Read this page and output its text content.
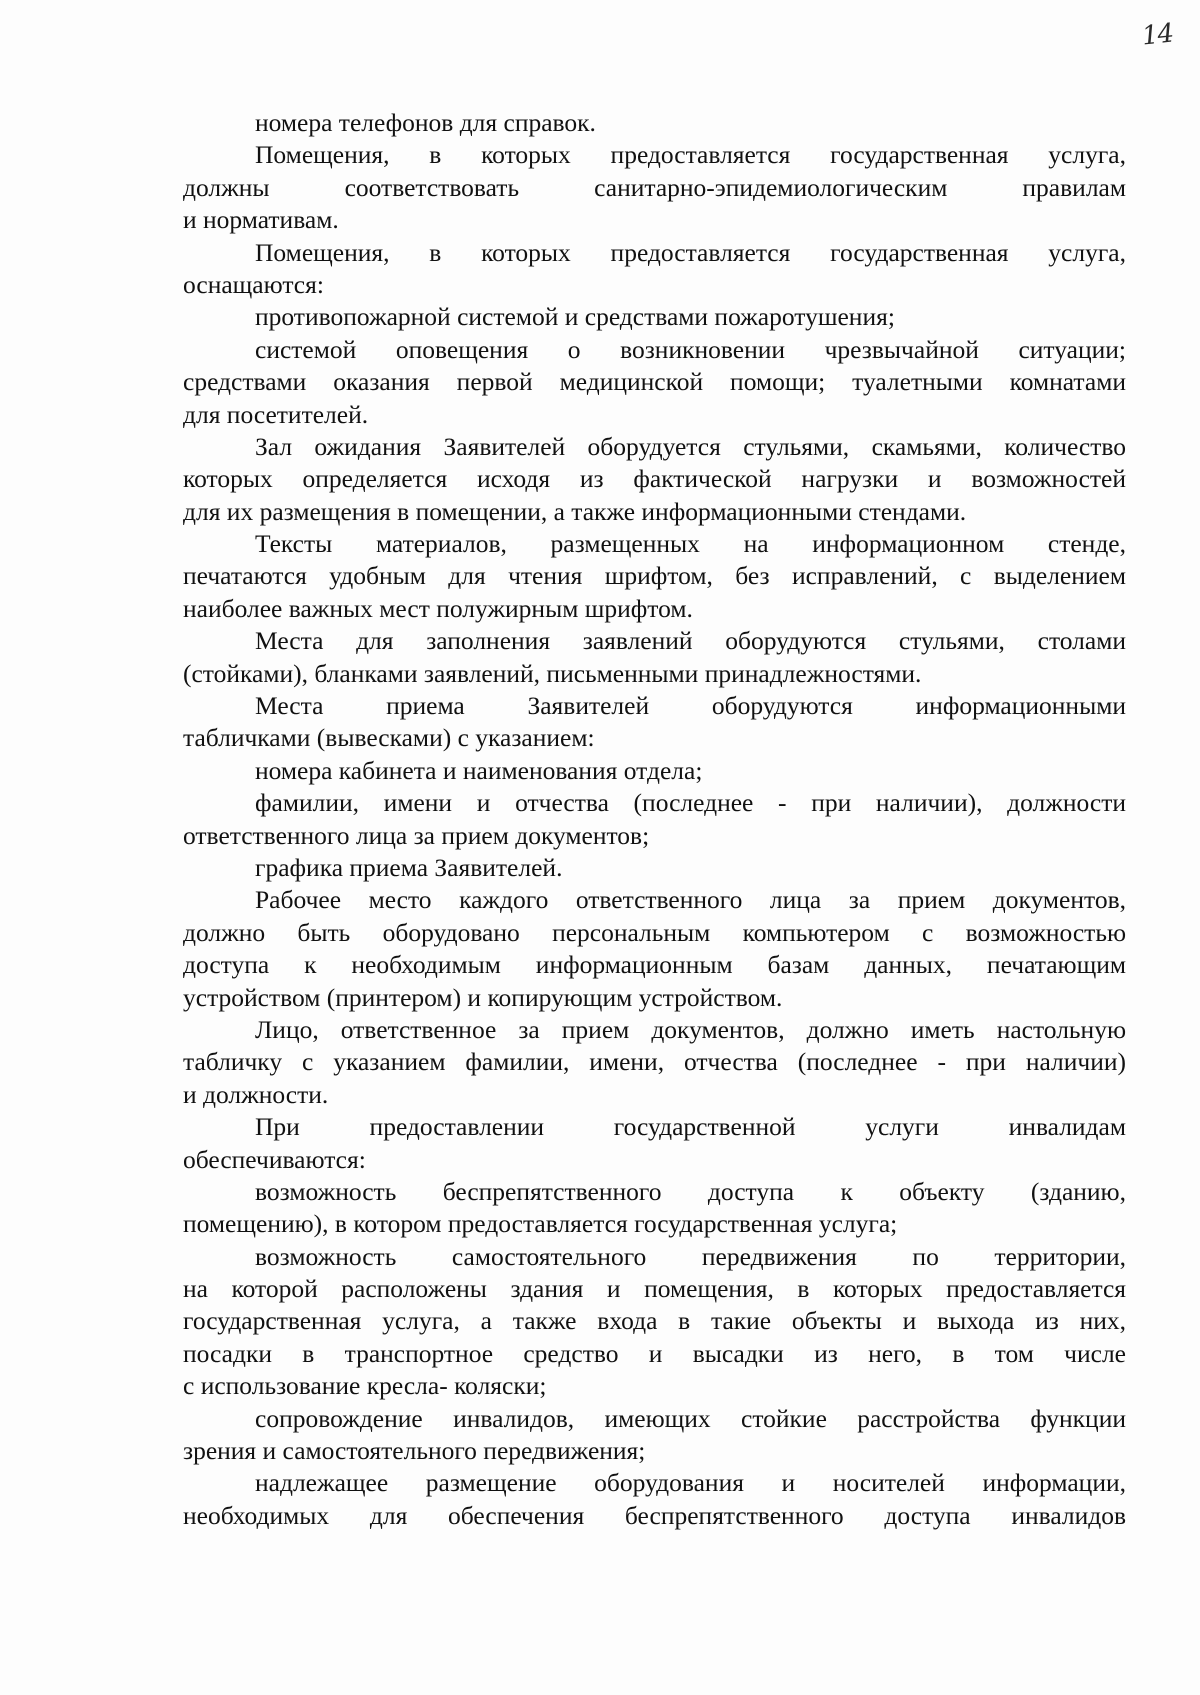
14
номера телефонов для справок.
Помещения, в которых предоставляется государственная услуга,
должны соответствовать санитарно-эпидемиологическим правилам
и нормативам.
Помещения, в которых предоставляется государственная услуга,
оснащаются:
противопожарной системой и средствами пожаротушения;
системой оповещения о возникновении чрезвычайной ситуации;
средствами оказания первой медицинской помощи; туалетными комнатами
для посетителей.
Зал ожидания Заявителей оборудуется стульями, скамьями, количество
которых определяется исходя из фактической нагрузки и возможностей
для их размещения в помещении, а также информационными стендами.
Тексты материалов, размещенных на информационном стенде,
печатаются удобным для чтения шрифтом, без исправлений, с выделением
наиболее важных мест полужирным шрифтом.
Места для заполнения заявлений оборудуются стульями, столами
(стойками), бланками заявлений, письменными принадлежностями.
Места приема Заявителей оборудуются информационными
табличками (вывесками) с указанием:
номера кабинета и наименования отдела;
фамилии, имени и отчества (последнее - при наличии), должности
ответственного лица за прием документов;
графика приема Заявителей.
Рабочее место каждого ответственного лица за прием документов,
должно быть оборудовано персональным компьютером с возможностью
доступа к необходимым информационным базам данных, печатающим
устройством (принтером) и копирующим устройством.
Лицо, ответственное за прием документов, должно иметь настольную
табличку с указанием фамилии, имени, отчества (последнее - при наличии)
и должности.
При предоставлении государственной услуги инвалидам
обеспечиваются:
возможность беспрепятственного доступа к объекту (зданию,
помещению), в котором предоставляется государственная услуга;
возможность самостоятельного передвижения по территории,
на которой расположены здания и помещения, в которых предоставляется
государственная услуга, а также входа в такие объекты и выхода из них,
посадки в транспортное средство и высадки из него, в том числе
с использование кресла- коляски;
сопровождение инвалидов, имеющих стойкие расстройства функции
зрения и самостоятельного передвижения;
надлежащее размещение оборудования и носителей информации,
необходимых для обеспечения беспрепятственного доступа инвалидов
